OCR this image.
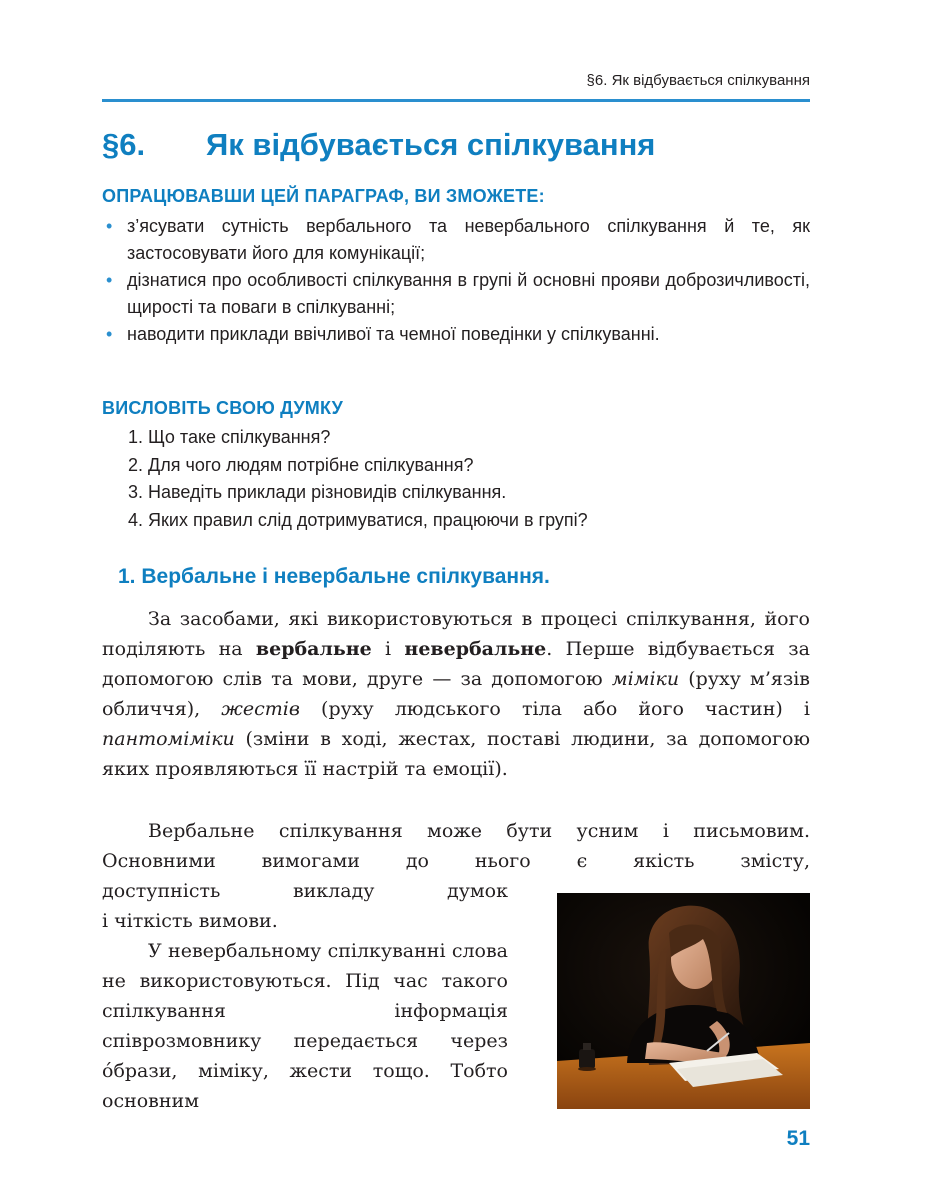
§6. Як відбувається спілкування
§6. Як відбувається спілкування
ОПРАЦЮВАВШИ ЦЕЙ ПАРАГРАФ, ВИ ЗМОЖЕТЕ:
• з’ясувати сутність вербального та невербального спілкування й те, як застосовувати його для комунікації;
• дізнатися про особливості спілкування в групі й основні прояви доброзичливості, щирості та поваги в спілкуванні;
• наводити приклади ввічливої та чемної поведінки у спілкуванні.
ВИСЛОВІТЬ СВОЮ ДУМКУ
1. Що таке спілкування?
2. Для чого людям потрібне спілкування?
3. Наведіть приклади різновидів спілкування.
4. Яких правил слід дотримуватися, працюючи в групі?
1. Вербальне і невербальне спілкування.

За засобами, які використовуються в процесі спілкування, його поділяють на вербальне і невербальне. Перше відбувається за допомогою слів та мови, друге — за допомогою міміки (руху м’язів обличчя), жестів (руху людського тіла або його частин) і пантоміміки (зміни в ході, жестах, поставі людини, за допомогою яких проявляються її настрій та емоції).

Вербальне спілкування може бути усним і письмовим. Основними вимогами до нього є якість змісту,

доступність викладу думок

і чіткість вимови.

У невербальному спілкуванні слова не використовуються. Під час такого спілкування інформація співрозмовнику передається через óбрази, міміку, жести тощо. Тобто основним

51
